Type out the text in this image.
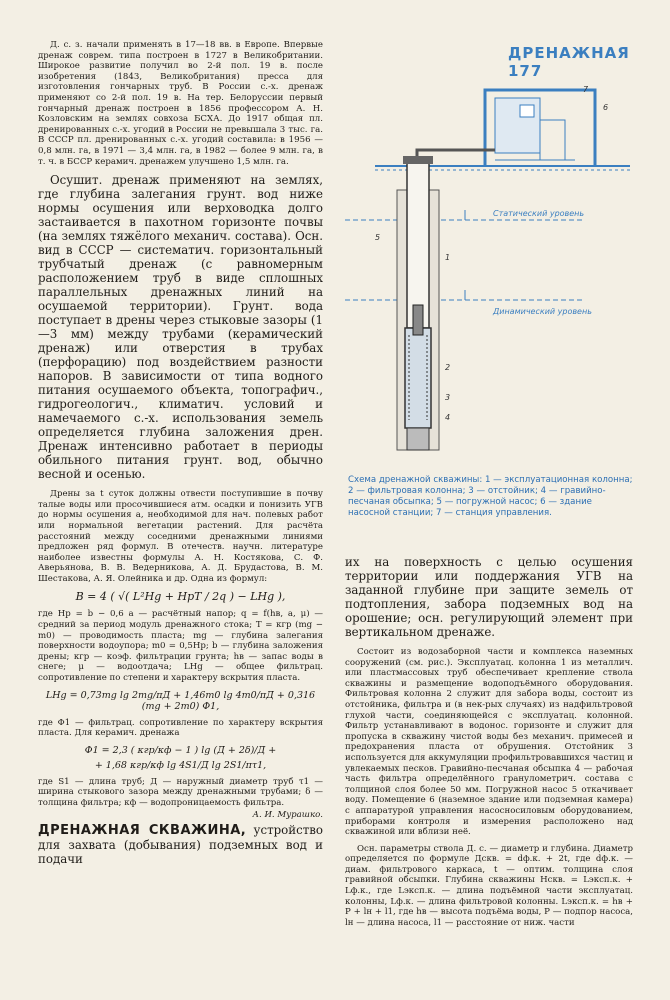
ДРЕНАЖНАЯ 177

Д. с. з. начали применять в 17—18 вв. в Европе. Впервые дренаж соврем. типа построен в 1727 в Великобритании. Широкое развитие получил во 2-й пол. 19 в. после изобретения (1843, Великобритания) пресса для изготовления гончарных труб. В России с.-х. дренаж применяют со 2-й пол. 19 в. На тер. Белоруссии первый гончарный дренаж построен в 1856 профессором А. Н. Козловским на землях совхоза БСХА. До 1917 общая пл. дренированных с.-х. угодий в России не превышала 3 тыс. га. В СССР пл. дренированных с.-х. угодий составила: в 1956 — 0,8 млн. га, в 1971 — 3,4 млн. га, в 1982 — более 9 млн. га, в т. ч. в БССР керамич. дренажем улучшено 1,5 млн. га.

Осушит. дренаж применяют на землях, где глубина залегания грунт. вод ниже нормы осушения или верховодка долго застаивается в пахотном горизонте почвы (на землях тяжёлого механич. состава). Осн. вид в СССР — систематич. горизонтальный трубчатый дренаж (с равномерным расположением труб в виде сплошных параллельных дренажных линий на осушаемой территории). Грунт. вода поступает в дрены через стыковые зазоры (1—3 мм) между трубами (керамический дренаж) или отверстия в трубах (перфорацию) под воздействием разности напоров. В зависимости от типа водного питания осушаемого объекта, топографич., гидрогеологич., климатич. условий и намечаемого с.-х. использования земель определяется глубина заложения дрен. Дренаж интенсивно работает в периоды обильного питания грунт. вод, обычно весной и осенью.

Дрены за t суток должны отвести поступившие в почву талые воды или просочившиеся атм. осадки и понизить УГВ до нормы осушения a, необходимой для нач. полевых работ или нормальной вегетации растений. Для расчёта расстояний между соседними дренажными линиями предложен ряд формул. В отечеств. научн. литературе наиболее известны формулы А. Н. Костякова, С. Ф. Аверьянова, В. В. Ведерникова, А. Д. Брудастова, В. М. Шестакова, А. Я. Олейника и др. Одна из формул:

B = 4 ( √( L²Hg + HpT / 2q ) − LHg ),

где Hp = b − 0,6 a — расчётный напор; q = f(hв, a, μ) — средний за период модуль дренажного стока; T = κгр (mg − m0) — проводимость пласта; mg — глубина залегания поверхности водоупора; m0 = 0,5Hp; b — глубина заложения дрены; κгр — коэф. фильтрации грунта; hв — запас воды в снеге; μ — водоотдача; LHg — общее фильтрац. сопротивление по степени и характеру вскрытия пласта.

LHg = 0,73mg lg 2mg/πД + 1,46m0 lg 4m0/πД + 0,316 (mg + 2m0) Φ1,

где Φ1 — фильтрац. сопротивление по характеру вскрытия пласта. Для керамич. дренажа

Φ1 = 2,3 ( κгр/κф − 1 ) lg (Д + 2δ)/Д +
+ 1,68 κгр/κф lg 4S1/Д lg 2S1/πτ1,

где S1 — длина труб; Д — наружный диаметр труб τ1 — ширина стыкового зазора между дренажными трубами; δ — толщина фильтра; κф — водопроницаемость фильтра.

А. И. Мурашко.

ДРЕНАЖНАЯ СКВАЖИНА, устройство для захвата (добывания) подземных вод и подачи

Статический уровень
Динамический уровень
7
6
5
1
2
3
4
Схема дренажной скважины: 1 — эксплуатационная колонна; 2 — фильтровая колонна; 3 — отстойник; 4 — гравийно-песчаная обсыпка; 5 — погружной насос; 6 — здание насосной станции; 7 — станция управления.

их на поверхность с целью осушения территории или поддержания УГВ на заданной глубине при защите земель от подтопления, забора подземных вод на орошение; осн. регулирующий элемент при вертикальном дренаже.

Состоит из водозаборной части и комплекса наземных сооружений (см. рис.). Эксплуатац. колонна 1 из металлич. или пластмассовых труб обеспечивает крепление ствола скважины и размещение водоподъёмного оборудования. Фильтровая колонна 2 служит для забора воды, состоит из отстойника, фильтра и (в нек-рых случаях) из надфильтровой глухой части, соединяющейся с эксплуатац. колонной. Фильтр устанавливают в водонос. горизонте и служит для пропуска в скважину чистой воды без механич. примесей и предохранения пласта от обрушения. Отстойник 3 используется для аккумуляции профильтровавшихся частиц и увлекаемых песков. Гравийно-песчаная обсыпка 4 — рабочая часть фильтра определённого гранулометрич. состава с толщиной слоя более 50 мм. Погружной насос 5 откачивает воду. Помещение 6 (наземное здание или подземная камера) с аппаратурой управления насосносиловым оборудованием, приборами контроля и измерения расположено над скважиной или вблизи неё.

Осн. параметры ствола Д. с. — диаметр и глубина. Диаметр определяется по формуле Дскв. = dф.к. + 2t, где dф.к. — диам. фильтрового каркаса, t — оптим. толщина слоя гравийной обсыпки. Глубина скважины Hскв. = Lэксп.к. + Lф.к., где Lэксп.к. — длина подъёмной части эксплуатац. колонны, Lф.к. — длина фильтровой колонны. Lэксп.к. = hв + P + lн + l1, где hв — высота подъёма воды, P — подпор насоса, lн — длина насоса, l1 — расстояние от ниж. части
